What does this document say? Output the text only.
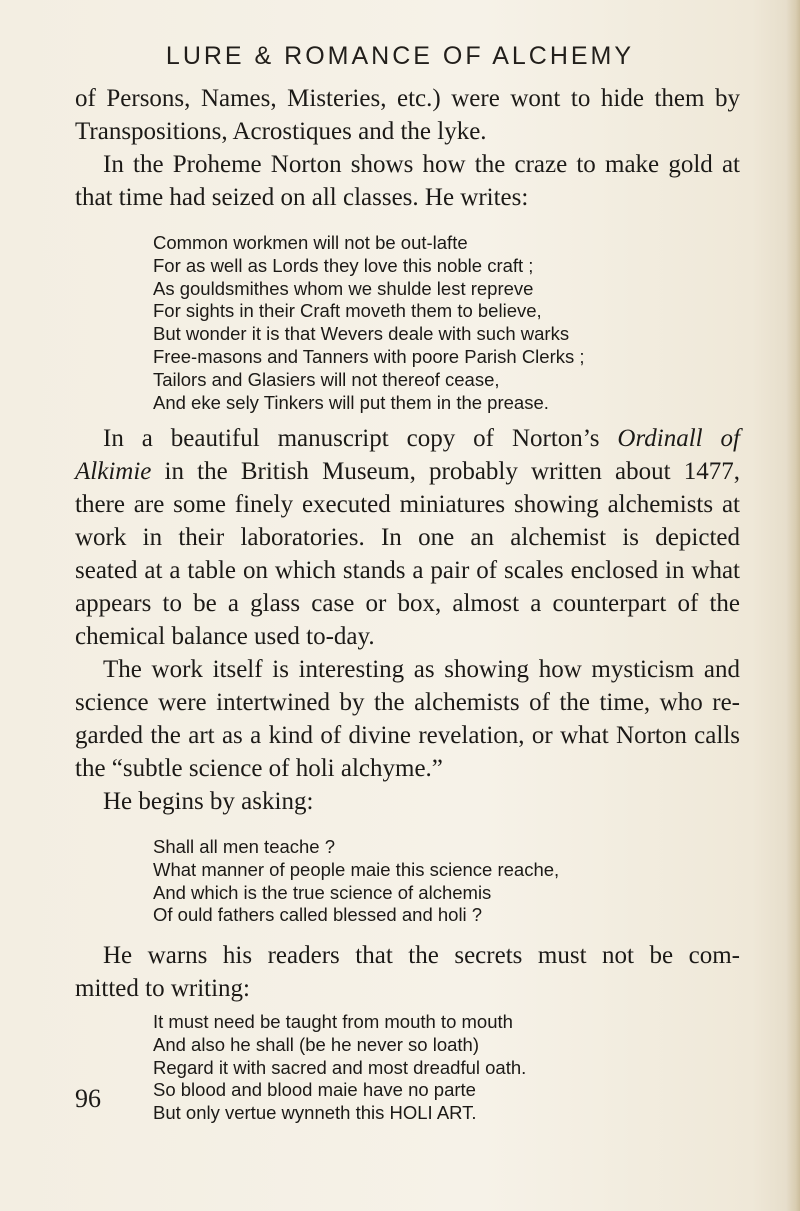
LURE & ROMANCE OF ALCHEMY
of Persons, Names, Misteries, etc.) were wont to hide them by
Transpositions, Acrostiques and the lyke.
In the Proheme Norton shows how the craze to make gold at
that time had seized on all classes. He writes:
Common workmen will not be out-lafte
For as well as Lords they love this noble craft ;
As gouldsmithes whom we shulde lest repreve
For sights in their Craft moveth them to believe,
But wonder it is that Wevers deale with such warks
Free-masons and Tanners with poore Parish Clerks ;
Tailors and Glasiers will not thereof cease,
And eke sely Tinkers will put them in the prease.
In a beautiful manuscript copy of Norton’s Ordinall of
Alkimie in the British Museum, probably written about 1477,
there are some finely executed miniatures showing alchemists at
work in their laboratories. In one an alchemist is depicted
seated at a table on which stands a pair of scales enclosed in what
appears to be a glass case or box, almost a counterpart of the
chemical balance used to-day.
The work itself is interesting as showing how mysticism and
science were intertwined by the alchemists of the time, who re-
garded the art as a kind of divine revelation, or what Norton calls
the “subtle science of holi alchyme.”
He begins by asking:
Shall all men teache ?
What manner of people maie this science reache,
And which is the true science of alchemis
Of ould fathers called blessed and holi ?
He warns his readers that the secrets must not be com-
mitted to writing:
It must need be taught from mouth to mouth
And also he shall (be he never so loath)
Regard it with sacred and most dreadful oath.
So blood and blood maie have no parte
But only vertue wynneth this HOLI ART.
96
